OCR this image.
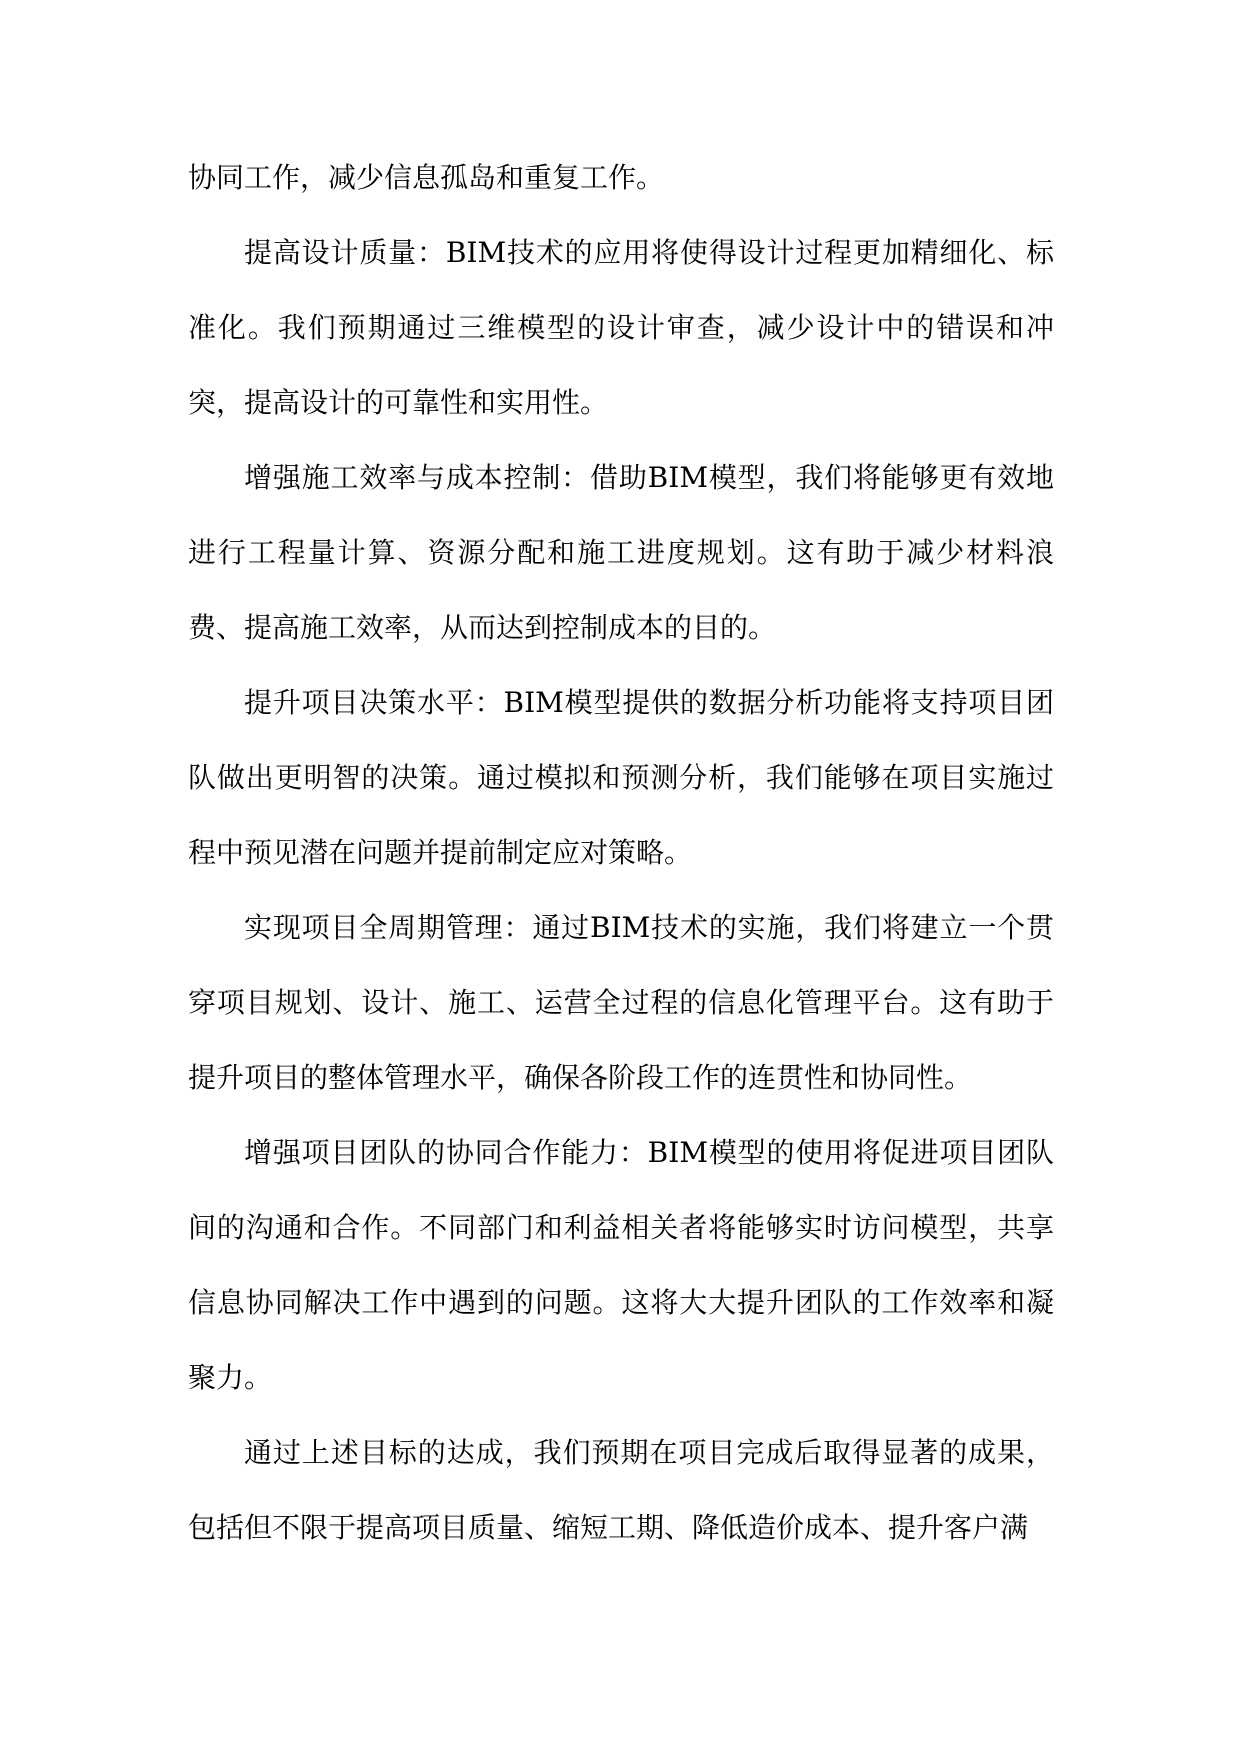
协同工作，减少信息孤岛和重复工作。

提高设计质量：BIM技术的应用将使得设计过程更加精细化、标准化。我们预期通过三维模型的设计审查，减少设计中的错误和冲突，提高设计的可靠性和实用性。

增强施工效率与成本控制：借助BIM模型，我们将能够更有效地进行工程量计算、资源分配和施工进度规划。这有助于减少材料浪费、提高施工效率，从而达到控制成本的目的。

提升项目决策水平：BIM模型提供的数据分析功能将支持项目团队做出更明智的决策。通过模拟和预测分析，我们能够在项目实施过程中预见潜在问题并提前制定应对策略。

实现项目全周期管理：通过BIM技术的实施，我们将建立一个贯穿项目规划、设计、施工、运营全过程的信息化管理平台。这有助于提升项目的整体管理水平，确保各阶段工作的连贯性和协同性。

增强项目团队的协同合作能力：BIM模型的使用将促进项目团队间的沟通和合作。不同部门和利益相关者将能够实时访问模型，共享信息协同解决工作中遇到的问题。这将大大提升团队的工作效率和凝聚力。

通过上述目标的达成，我们预期在项目完成后取得显著的成果，包括但不限于提高项目质量、缩短工期、降低造价成本、提升客户满
